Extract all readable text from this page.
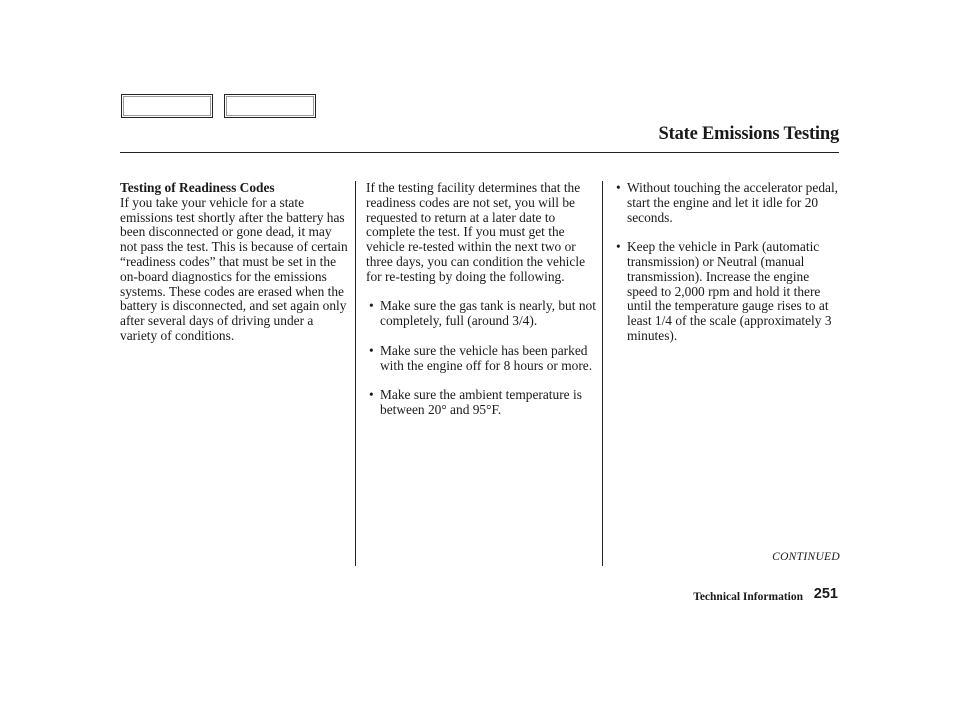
State Emissions Testing
Testing of Readiness Codes

If you take your vehicle for a state emissions test shortly after the battery has been disconnected or gone dead, it may not pass the test. This is because of certain “readiness codes” that must be set in the on-board diagnostics for the emissions systems. These codes are erased when the battery is disconnected, and set again only after several days of driving under a variety of conditions.

If the testing facility determines that the readiness codes are not set, you will be requested to return at a later date to complete the test. If you must get the vehicle re-tested within the next two or three days, you can condition the vehicle for re-testing by doing the following.

• Make sure the gas tank is nearly, but not completely, full (around 3/4).
• Make sure the vehicle has been parked with the engine off for 8 hours or more.
• Make sure the ambient temperature is between 20° and 95°F.
• Without touching the accelerator pedal, start the engine and let it idle for 20 seconds.
• Keep the vehicle in Park (automatic transmission) or Neutral (manual transmission). Increase the engine speed to 2,000 rpm and hold it there until the temperature gauge rises to at least 1/4 of the scale (approximately 3 minutes).
CONTINUED
Technical Information 251
